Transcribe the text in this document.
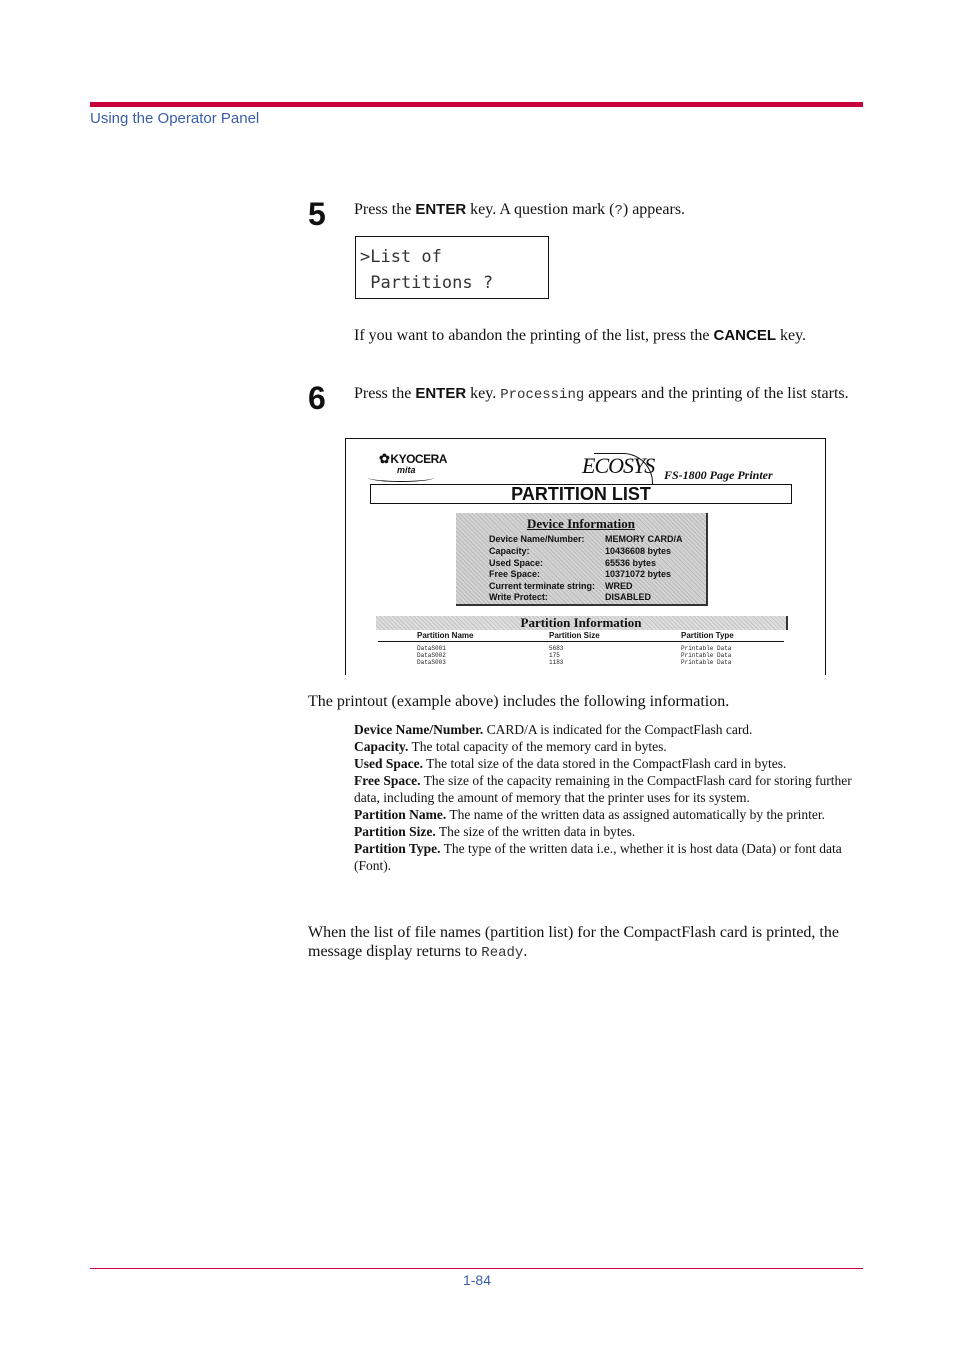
Using the Operator Panel
5 Press the ENTER key. A question mark (?) appears.
>List of
Partitions ?
If you want to abandon the printing of the list, press the CANCEL key.
6 Press the ENTER key. Processing appears and the printing of the list starts.
✿KYOCERA
mita	ECOSYS FS-1800 Page Printer
PARTITION LIST
Device Information
Device Name/Number: MEMORY CARD/A
Capacity:	10436608 bytes
Used Space:	65536 bytes
Free Space:	10371072 bytes
Current terminate string: WRED
Write Protect:	DISABLED
Partition Information
Partition Name	Partition Size	Partition Type
DataS001	5683	Printable Data
DataS002	175	Printable Data
DataS003	1183	Printable Data
The printout (example above) includes the following information.

Device Name/Number. CARD/A is indicated for the CompactFlash card.

Capacity. The total capacity of the memory card in bytes.

Used Space. The total size of the data stored in the CompactFlash card in bytes.

Free Space. The size of the capacity remaining in the CompactFlash card for storing further data, including the amount of memory that the printer uses for its system.

Partition Name. The name of the written data as assigned automatically by the printer.

Partition Size. The size of the written data in bytes.

Partition Type. The type of the written data i.e., whether it is host data (Data) or font data (Font).

When the list of file names (partition list) for the CompactFlash card is printed, the message display returns to Ready.
1-84
